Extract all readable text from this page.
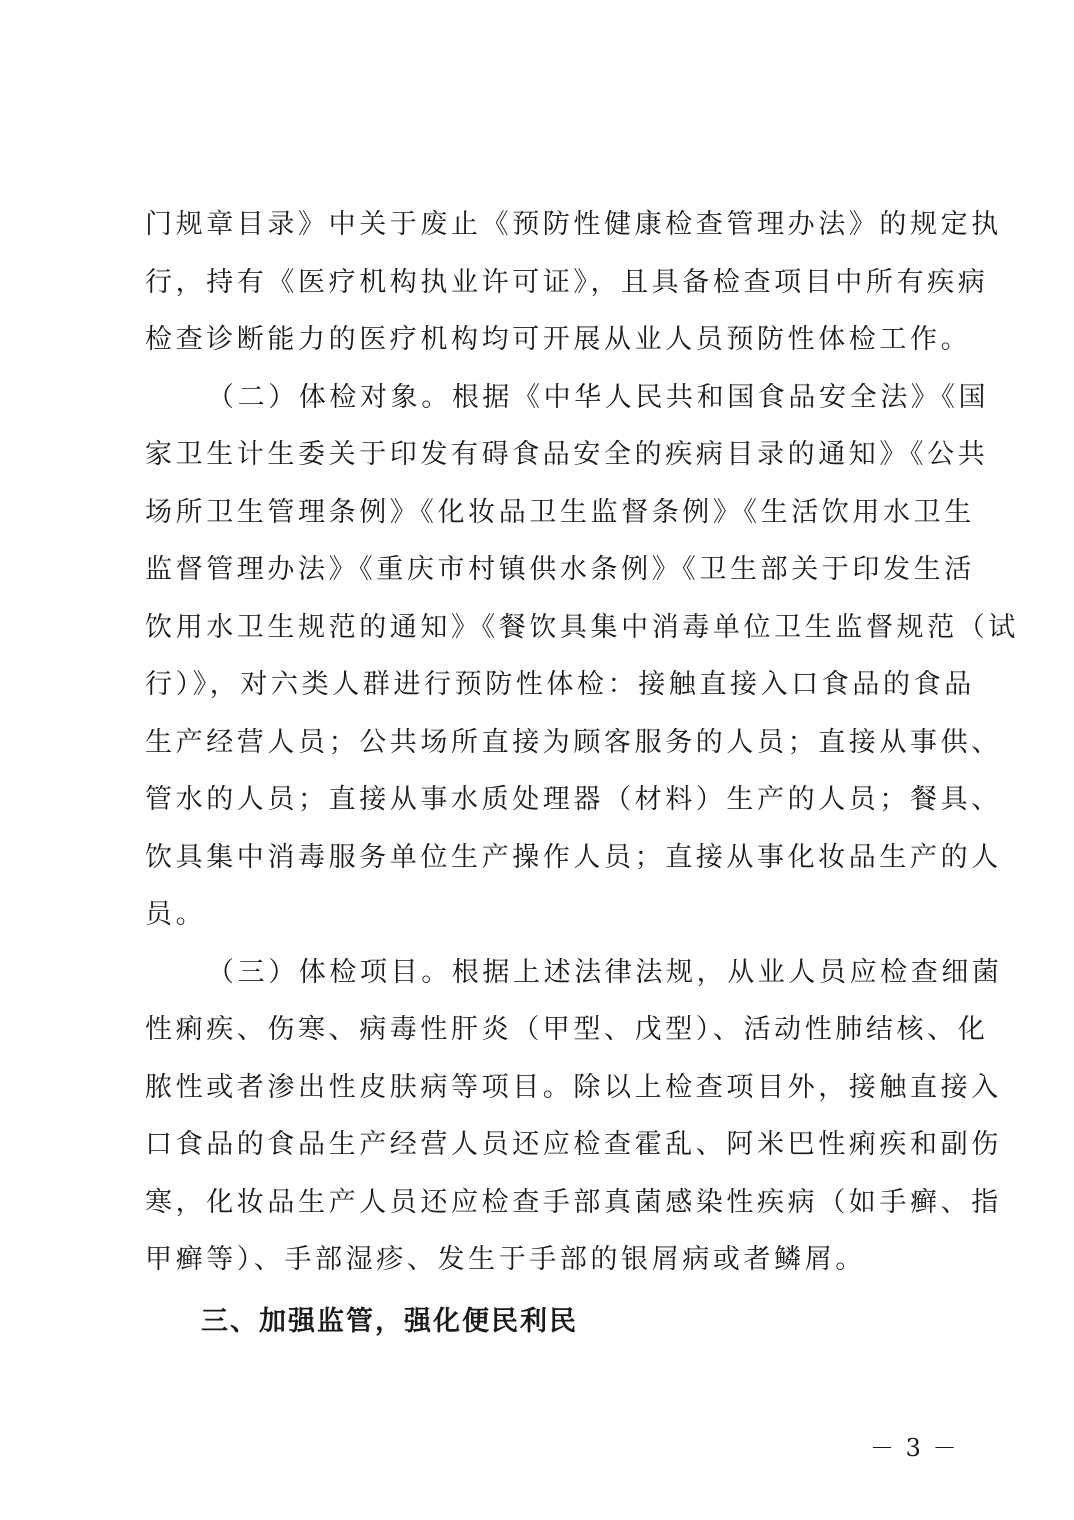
门规章目录》中关于废止《预防性健康检查管理办法》的规定执
行，持有《医疗机构执业许可证》，且具备检查项目中所有疾病
检查诊断能力的医疗机构均可开展从业人员预防性体检工作。
（二）体检对象。根据《中华人民共和国食品安全法》《国
家卫生计生委关于印发有碍食品安全的疾病目录的通知》《公共
场所卫生管理条例》《化妆品卫生监督条例》《生活饮用水卫生
监督管理办法》《重庆市村镇供水条例》《卫生部关于印发生活
饮用水卫生规范的通知》《餐饮具集中消毒单位卫生监督规范（试
行）》，对六类人群进行预防性体检：接触直接入口食品的食品
生产经营人员；公共场所直接为顾客服务的人员；直接从事供、
管水的人员；直接从事水质处理器（材料）生产的人员；餐具、
饮具集中消毒服务单位生产操作人员；直接从事化妆品生产的人
员。
（三）体检项目。根据上述法律法规，从业人员应检查细菌
性痢疾、伤寒、病毒性肝炎（甲型、戊型）、活动性肺结核、化
脓性或者渗出性皮肤病等项目。除以上检查项目外，接触直接入
口食品的食品生产经营人员还应检查霍乱、阿米巴性痢疾和副伤
寒，化妆品生产人员还应检查手部真菌感染性疾病（如手癣、指
甲癣等）、手部湿疹、发生于手部的银屑病或者鳞屑。
三、加强监管，强化便民利民
－ 3 －
